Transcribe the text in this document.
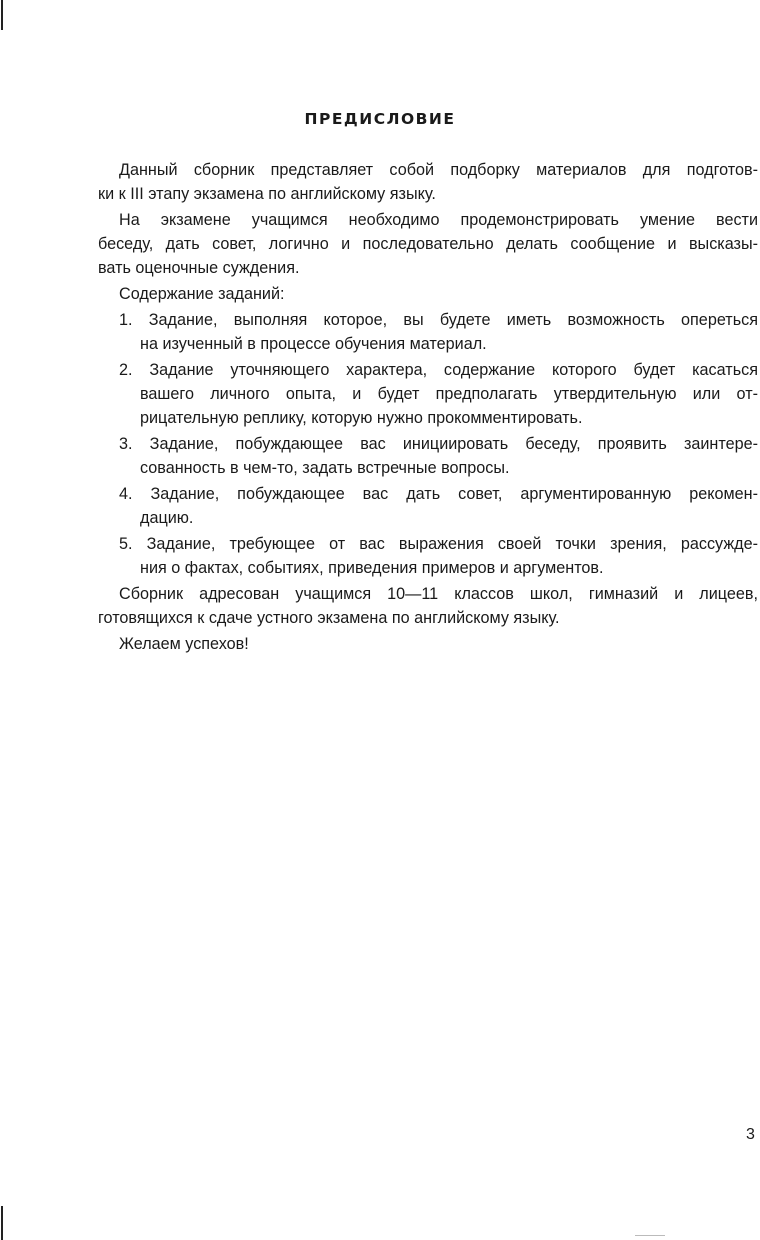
ПРЕДИСЛОВИЕ
Данный сборник представляет собой подборку материалов для подготов-
ки к III этапу экзамена по английскому языку.
На экзамене учащимся необходимо продемонстрировать умение вести
беседу, дать совет, логично и последовательно делать сообщение и высказы-
вать оценочные суждения.
Содержание заданий:
1. Задание, выполняя которое, вы будете иметь возможность опереться
на изученный в процессе обучения материал.
2. Задание уточняющего характера, содержание которого будет касаться
вашего личного опыта, и будет предполагать утвердительную или от-
рицательную реплику, которую нужно прокомментировать.
3. Задание, побуждающее вас инициировать беседу, проявить заинтере-
сованность в чем-то, задать встречные вопросы.
4. Задание, побуждающее вас дать совет, аргументированную рекомен-
дацию.
5. Задание, требующее от вас выражения своей точки зрения, рассужде-
ния о фактах, событиях, приведения примеров и аргументов.
Сборник адресован учащимся 10—11 классов школ, гимназий и лицеев,
готовящихся к сдаче устного экзамена по английскому языку.
Желаем успехов!
3
